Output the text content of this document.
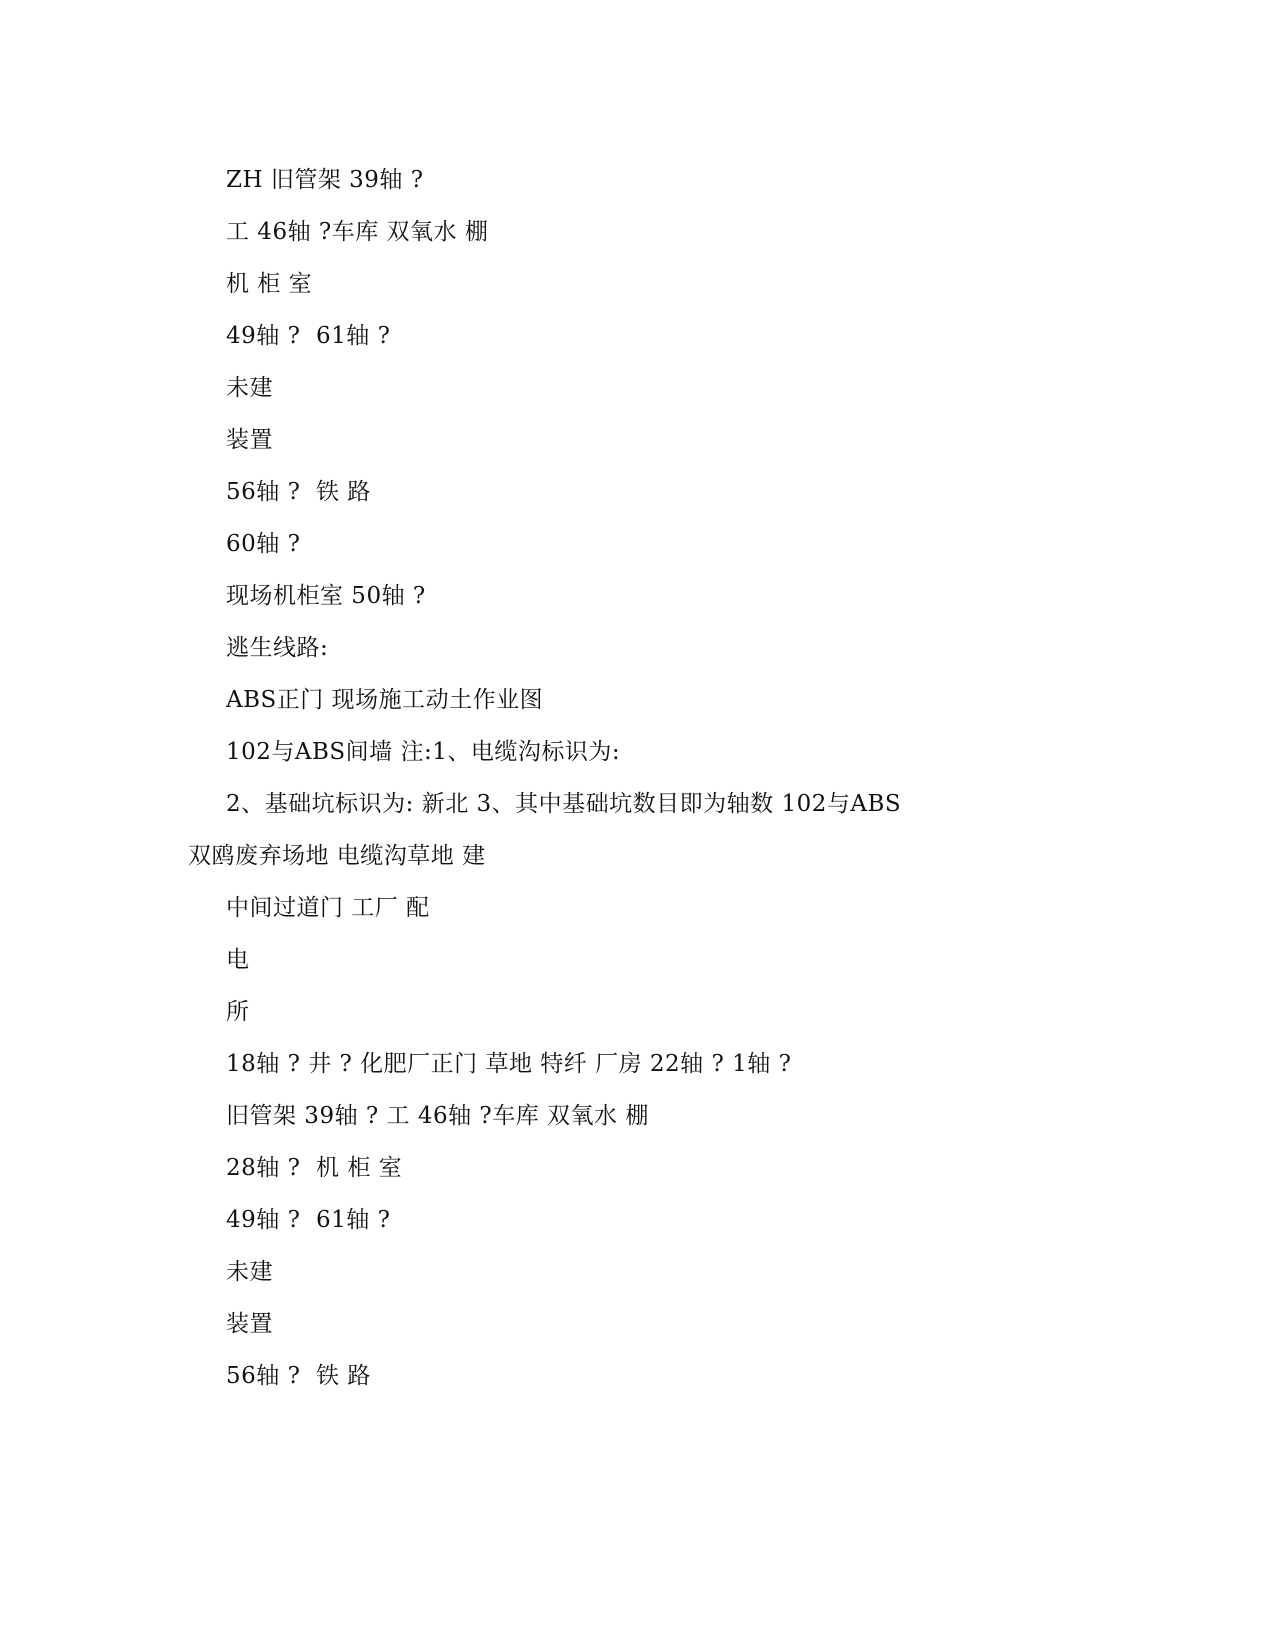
ZH 旧管架 39轴 ?
工 46轴 ?车库 双氧水 棚
机 柜 室
49轴 ?  61轴 ?
未建
装置
56轴 ?  铁 路
60轴 ?
现场机柜室 50轴 ?
逃生线路:
ABS正门 现场施工动土作业图
102与ABS间墙 注:1、电缆沟标识为:
2、基础坑标识为: 新北 3、其中基础坑数目即为轴数 102与ABS
双鸥废弃场地 电缆沟草地 建
中间过道门 工厂 配
电
所
18轴 ? 井 ? 化肥厂正门 草地 特纤 厂房 22轴 ? 1轴 ?
旧管架 39轴 ? 工 46轴 ?车库 双氧水 棚
28轴 ?  机 柜 室
49轴 ?  61轴 ?
未建
装置
56轴 ?  铁 路
